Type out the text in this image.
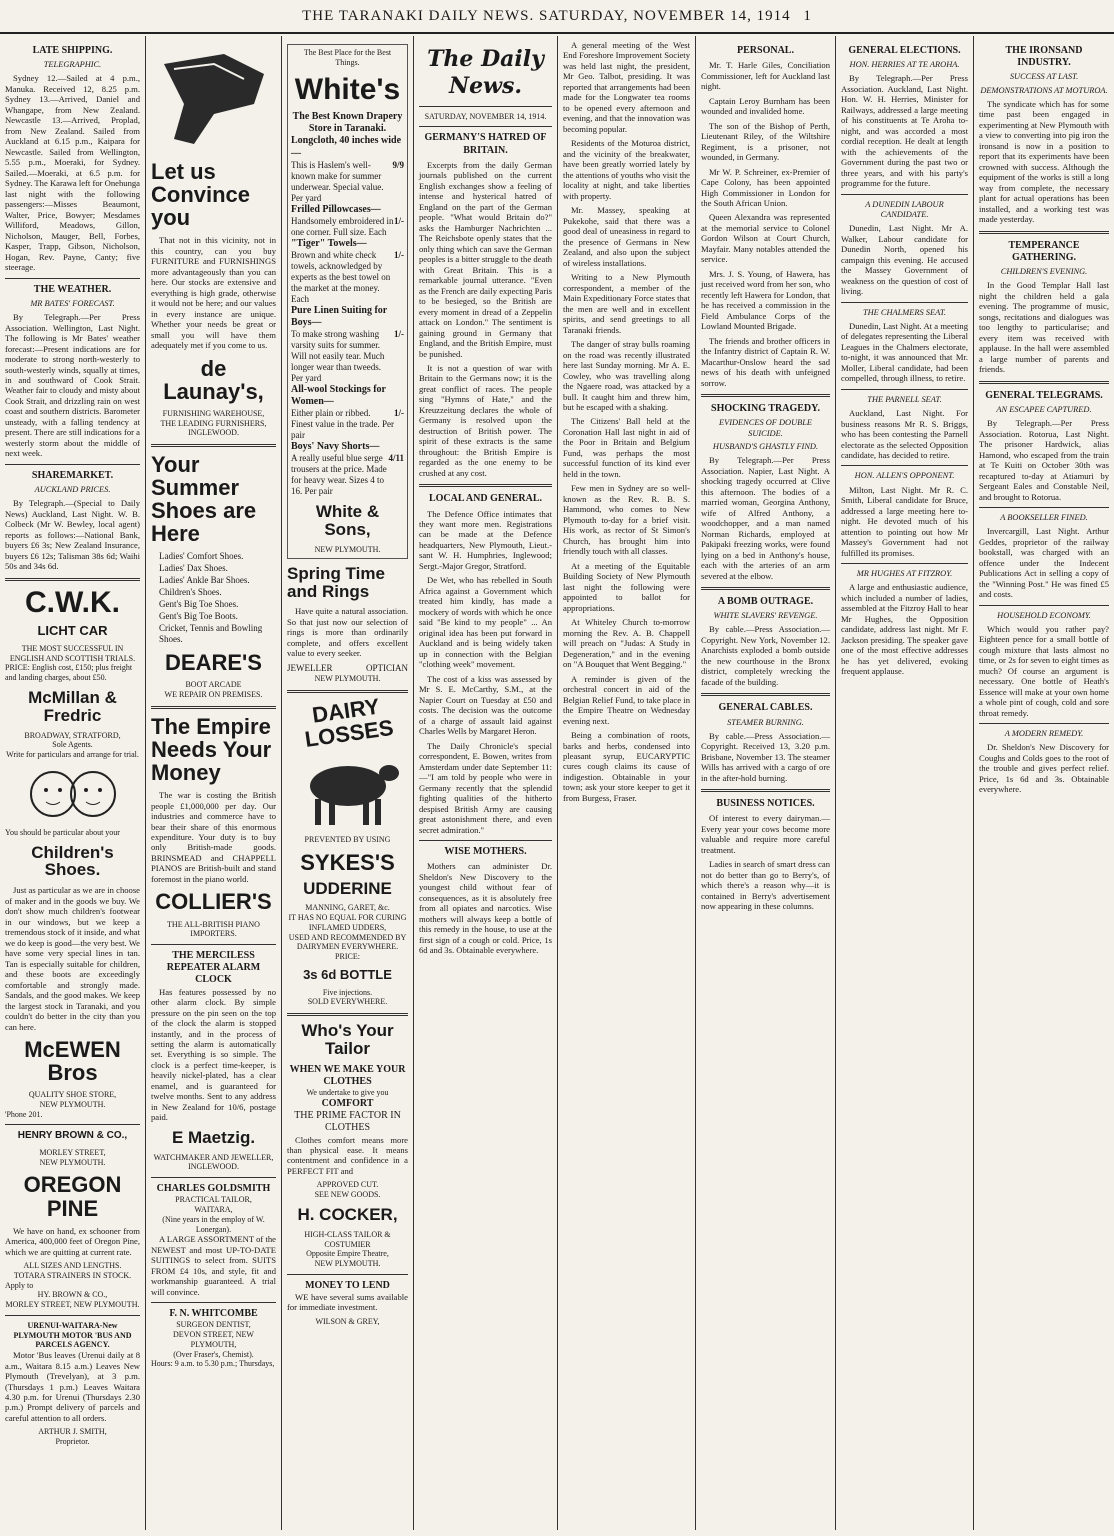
THE TARANAKI DAILY NEWS. SATURDAY, NOVEMBER 14, 1914 1
LATE SHIPPING.
TELEGRAPHIC.

Sydney 12.—Sailed at 4 p.m., Manuka. Received 12, 8.25 p.m. Sydney 13.—Arrived, Daniel and Whangape, from New Zealand. Newcastle 13.—Arrived, Proplad, from New Zealand. Sailed from Auckland at 6.15 p.m., Kaipara for Newcastle. Sailed from Wellington, 5.55 p.m., Moeraki, for Sydney. Sailed.—Moeraki, at 6.5 p.m. for Sydney. The Karawa left for Onehunga last night with the following passengers:—Misses Beaumont, Walter, Price, Bowyer; Mesdames Williford, Meadows, Gillon, Nicholson, Mauger, Bell, Forbes, Kasper, Trapp, Gibson, Nicholson, Hogan, Rev. Payne, Canty; five steerage.

THE WEATHER.
MR BATES' FORECAST.

By Telegraph.—Per Press Association. Wellington, Last Night. The following is Mr Bates' weather forecast:—Present indications are for moderate to strong north-westerly to south-westerly winds, squally at times, in and southward of Cook Strait. Weather fair to cloudy and misty about Cook Strait, and drizzling rain on west coast and southern districts. Barometer unsteady, with a falling tendency at present. There are still indications for a westerly storm about the middle of next week.

SHAREMARKET.
AUCKLAND PRICES.

By Telegraph.—(Special to Daily News) Auckland, Last Night. W. B. Colbeck (Mr W. Bewley, local agent) reports as follows:—National Bank, buyers £6 3s; New Zealand Insurance, buyers £6 12s; Talisman 38s 6d; Waihi 50s and 34s 6d.

C.W.K.
LICHT CAR
THE MOST SUCCESSFUL IN ENGLISH AND SCOTTISH TRIALS.
PRICE: English cost, £150; plus freight and landing charges, about £50.
McMillan & Fredric
BROADWAY, STRATFORD,
Sole Agents.
Write for particulars and arrange for trial.
You should be particular about your
Children's Shoes.

Just as particular as we are in choose of maker and in the goods we buy. We don't show much children's footwear in our windows, but we keep a tremendous stock of it inside, and what we do keep is good—the very best. We have some very special lines in tan. Tan is especially suitable for children, and these boots are exceedingly comfortable and strongly made. Sandals, and the good makes. We keep the largest stock in Taranaki, and you couldn't do better in the city than you can here.

McEWEN Bros
QUALITY SHOE STORE,
NEW PLYMOUTH.
'Phone 201.
HENRY BROWN & CO.,
MORLEY STREET,
NEW PLYMOUTH.
OREGON PINE

We have on hand, ex schooner from America, 400,000 feet of Oregon Pine, which we are quitting at current rate.

ALL SIZES AND LENGTHS.
TOTARA STRAINERS IN STOCK.
Apply to
HY. BROWN & CO.,
MORLEY STREET, NEW PLYMOUTH.
URENUI-WAITARA-New PLYMOUTH MOTOR 'BUS AND PARCELS AGENCY.

Motor 'Bus leaves (Urenui daily at 8 a.m., Waitara 8.15 a.m.) Leaves New Plymouth (Trevelyan), at 3 p.m. (Thursdays 1 p.m.) Leaves Waitara 4.30 p.m. for Urenui (Thursdays 2.30 p.m.) Prompt delivery of parcels and careful attention to all orders.

ARTHUR J. SMITH,
Proprietor.
Let us Convince you

That not in this vicinity, not in this country, can you buy FURNITURE and FURNISHINGS more advantageously than you can here. Our stocks are extensive and everything is high grade, otherwise it would not be here; and our values in every instance are unique. Whether your needs be great or small you will have them adequately met if you come to us.

de Launay's,
FURNISHING WAREHOUSE,
THE LEADING FURNISHERS,
INGLEWOOD.
Your Summer Shoes are Here
Ladies' Comfort Shoes.
Ladies' Dax Shoes.
Ladies' Ankle Bar Shoes.
Children's Shoes.
Gent's Big Toe Shoes.
Gent's Big Toe Boots.
Cricket, Tennis and Bowling Shoes.
DEARE'S
BOOT ARCADE
WE REPAIR ON PREMISES.
The Empire Needs Your Money

The war is costing the British people £1,000,000 per day. Our industries and commerce have to bear their share of this enormous expenditure. Your duty is to buy only British-made goods. BRINSMEAD and CHAPPELL PIANOS are British-built and stand foremost in the piano world.

COLLIER'S
THE ALL-BRITISH PIANO IMPORTERS.
THE MERCILESS REPEATER ALARM CLOCK

Has features possessed by no other alarm clock. By simple pressure on the pin seen on the top of the clock the alarm is stopped instantly, and in the process of setting the alarm is automatically set. Everything is so simple. The clock is a perfect time-keeper, is heavily nickel-plated, has a clear enamel, and is guaranteed for twelve months. Sent to any address in New Zealand for 10/6, postage paid.

E Maetzig.
WATCHMAKER AND JEWELLER, INGLEWOOD.
CHARLES GOLDSMITH
PRACTICAL TAILOR,
WAITARA,
(Nine years in the employ of W. Lonergan).

A LARGE ASSORTMENT of the NEWEST and most UP-TO-DATE SUITINGS to select from. SUITS FROM £4 10s, and style, fit and workmanship guaranteed. A trial will convince.

F. N. WHITCOMBE
SURGEON DENTIST,
DEVON STREET, NEW PLYMOUTH,
(Over Fraser's, Chemist).
Hours: 9 a.m. to 5.30 p.m.; Thursdays,
The Best Place for the Best Things.
White's
The Best Known Drapery Store in Taranaki.
Longcloth, 40 inches wide—
This is Haslem's well-known make for summer underwear. Special value. Per yard
9/9
Frilled Pillowcases—
Handsomely embroidered in one corner. Full size. Each
1/-
"Tiger" Towels—
Brown and white check towels, acknowledged by experts as the best towel on the market at the money. Each
1/-
Pure Linen Suiting for Boys—
To make strong washing varsity suits for summer. Will not easily tear. Much longer wear than tweeds. Per yard
1/-
All-wool Stockings for Women—
Either plain or ribbed. Finest value in the trade. Per pair
1/-
Boys' Navy Shorts—
A really useful blue serge trousers at the price. Made for heavy wear. Sizes 4 to 16. Per pair
4/11
White & Sons,
NEW PLYMOUTH.
Spring Time and Rings

Have quite a natural association. So that just now our selection of rings is more than ordinarily complete, and offers excellent value to every seeker.

JEWELLER	OPTICIAN
NEW PLYMOUTH.
DAIRY LOSSES
PREVENTED BY USING
SYKES'S
UDDERINE
MANNING, GARET, &c.
IT HAS NO EQUAL FOR CURING INFLAMED UDDERS,
USED AND RECOMMENDED BY DAIRYMEN EVERYWHERE.
PRICE:
3s 6d BOTTLE
Five injections.
SOLD EVERYWHERE.
Who's Your Tailor
WHEN WE MAKE YOUR CLOTHES
We undertake to give you
COMFORT
THE PRIME FACTOR IN CLOTHES

Clothes comfort means more than physical ease. It means contentment and confidence in a PERFECT FIT and

APPROVED CUT.
SEE NEW GOODS.
H. COCKER,
HIGH-CLASS TAILOR & COSTUMIER
Opposite Empire Theatre,
NEW PLYMOUTH.
MONEY TO LEND

WE have several sums available for immediate investment.

WILSON & GREY,
The Daily News.
SATURDAY, NOVEMBER 14, 1914.
GERMANY'S HATRED OF BRITAIN.

Excerpts from the daily German journals published on the current English exchanges show a feeling of intense and hysterical hatred of England on the part of the German people. "What would Britain do?" asks the Hamburger Nachrichten ... The Reichsbote openly states that the only thing which can save the German peoples is a bitter struggle to the death with Great Britain. This is a remarkable journal utterance. "Even as the French are daily expecting Paris to be besieged, so the British are every moment in dread of a Zeppelin attack on London." The sentiment is gaining ground in Germany that England, and the British Empire, must be punished.

It is not a question of war with Britain to the Germans now; it is the great conflict of races. The people sing "Hymns of Hate," and the Kreuzzeitung declares the whole of Germany is resolved upon the destruction of British power. The spirit of these extracts is the same throughout: the British Empire is regarded as the one enemy to be crushed at any cost.

LOCAL AND GENERAL.

The Defence Office intimates that they want more men. Registrations can be made at the Defence headquarters, New Plymouth, Lieut.-sant W. H. Humphries, Inglewood; Sergt.-Major Gregor, Stratford.

De Wet, who has rebelled in South Africa against a Government which treated him kindly, has made a mockery of words with which he once said "Be kind to my people" ... An original idea has been put forward in Auckland and is being widely taken up in connection with the Belgian "clothing week" movement.

The cost of a kiss was assessed by Mr S. E. McCarthy, S.M., at the Napier Court on Tuesday at £50 and costs. The decision was the outcome of a charge of assault laid against Charles Wells by Margaret Heron.

The Daily Chronicle's special correspondent, E. Bowen, writes from Amsterdam under date September 11:—"I am told by people who were in Germany recently that the splendid fighting qualities of the hitherto despised British Army are causing great astonishment there, and even secret admiration."

WISE MOTHERS.

Mothers can administer Dr. Sheldon's New Discovery to the youngest child without fear of consequences, as it is absolutely free from all opiates and narcotics. Wise mothers will always keep a bottle of this remedy in the house, to use at the first sign of a cough or cold. Price, 1s 6d and 3s. Obtainable everywhere.

A general meeting of the West End Foreshore Improvement Society was held last night, the president, Mr Geo. Talbot, presiding. It was reported that arrangements had been made for the Longwater tea rooms to be opened every afternoon and evening, and that the innovation was becoming popular.

Residents of the Moturoa district, and the vicinity of the breakwater, have been greatly worried lately by the attentions of youths who visit the locality at night, and take liberties with property.

Mr. Massey, speaking at Pukekohe, said that there was a good deal of uneasiness in regard to the presence of Germans in New Zealand, and also upon the subject of wireless installations.

Writing to a New Plymouth correspondent, a member of the Main Expeditionary Force states that the men are well and in excellent spirits, and send greetings to all Taranaki friends.

The danger of stray bulls roaming on the road was recently illustrated here last Sunday morning. Mr A. E. Cowley, who was travelling along the Ngaere road, was attacked by a bull. It caught him and threw him, but he escaped with a shaking.

The Citizens' Ball held at the Coronation Hall last night in aid of the Poor in Britain and Belgium Fund, was perhaps the most successful function of its kind ever held in the town.

Few men in Sydney are so well-known as the Rev. R. B. S. Hammond, who comes to New Plymouth to-day for a brief visit. His work, as rector of St Simon's Church, has brought him into friendly touch with all classes.

At a meeting of the Equitable Building Society of New Plymouth last night the following were appointed to ballot for appropriations.

At Whiteley Church to-morrow morning the Rev. A. B. Chappell will preach on "Judas: A Study in Degeneration," and in the evening on "A Bouquet that Went Begging."

A reminder is given of the orchestral concert in aid of the Belgian Relief Fund, to take place in the Empire Theatre on Wednesday evening next.

Being a combination of roots, barks and herbs, condensed into pleasant syrup, EUCARYPTIC cures cough claims its cause of indigestion. Obtainable in your town; ask your store keeper to get it from Burgess, Fraser.

PERSONAL.

Mr. T. Harle Giles, Conciliation Commissioner, left for Auckland last night.

Captain Leroy Burnham has been wounded and invalided home.

The son of the Bishop of Perth, Lieutenant Riley, of the Wiltshire Regiment, is a prisoner, not wounded, in Germany.

Mr W. P. Schreiner, ex-Premier of Cape Colony, has been appointed High Commissioner in London for the South African Union.

Queen Alexandra was represented at the memorial service to Colonel Gordon Wilson at Court Church, Mayfair. Many notables attended the service.

Mrs. J. S. Young, of Hawera, has just received word from her son, who recently left Hawera for London, that he has received a commission in the Field Ambulance Corps of the Lowland Mounted Brigade.

The friends and brother officers in the Infantry district of Captain R. W. Macarthur-Onslow heard the sad news of his death with unfeigned sorrow.

SHOCKING TRAGEDY.
EVIDENCES OF DOUBLE SUICIDE.
HUSBAND'S GHASTLY FIND.

By Telegraph.—Per Press Association. Napier, Last Night. A shocking tragedy occurred at Clive this afternoon. The bodies of a married woman, Georgina Anthony, wife of Alfred Anthony, a woodchopper, and a man named Norman Richards, employed at Pakipaki freezing works, were found lying on a bed in Anthony's house, each with the arteries of an arm severed at the elbow.

A BOMB OUTRAGE.
WHITE SLAVERS' REVENGE.

By cable.—Press Association.—Copyright. New York, November 12. Anarchists exploded a bomb outside the new courthouse in the Bronx district, completely wrecking the facade of the building.

GENERAL CABLES.
STEAMER BURNING.

By cable.—Press Association.—Copyright. Received 13, 3.20 p.m. Brisbane, November 13. The steamer Wills has arrived with a cargo of ore in the after-hold burning.

BUSINESS NOTICES.

Of interest to every dairyman.—Every year your cows become more valuable and require more careful treatment.

Ladies in search of smart dress can not do better than go to Berry's, of which there's a reason why—it is contained in Berry's advertisement now appearing in these columns.

GENERAL ELECTIONS.
HON. HERRIES AT TE AROHA.

By Telegraph.—Per Press Association. Auckland, Last Night. Hon. W. H. Herries, Minister for Railways, addressed a large meeting of his constituents at Te Aroha to-night, and was accorded a most cordial reception. He dealt at length with the achievements of the Government during the past two or three years, and with his party's programme for the future.

A DUNEDIN LABOUR CANDIDATE.

Dunedin, Last Night. Mr A. Walker, Labour candidate for Dunedin North, opened his campaign this evening. He accused the Massey Government of weakness on the question of cost of living.

THE CHALMERS SEAT.

Dunedin, Last Night. At a meeting of delegates representing the Liberal Leagues in the Chalmers electorate, to-night, it was announced that Mr. Moller, Liberal candidate, had been compelled, through illness, to retire.

THE PARNELL SEAT.

Auckland, Last Night. For business reasons Mr R. S. Briggs, who has been contesting the Parnell electorate as the selected Opposition candidate, has decided to retire.

HON. ALLEN'S OPPONENT.

Milton, Last Night. Mr R. C. Smith, Liberal candidate for Bruce, addressed a large meeting here to-night. He devoted much of his attention to pointing out how Mr Massey's Government had not fulfilled its promises.

MR HUGHES AT FITZROY.

A large and enthusiastic audience, which included a number of ladies, assembled at the Fitzroy Hall to hear Mr Hughes, the Opposition candidate, address last night. Mr F. Jackson presiding. The speaker gave one of the most effective addresses he has yet delivered, evoking frequent applause.

THE IRONSAND INDUSTRY.
SUCCESS AT LAST.
DEMONSTRATIONS AT MOTUROA.

The syndicate which has for some time past been engaged in experimenting at New Plymouth with a view to converting into pig iron the ironsand is now in a position to report that its experiments have been crowned with success. Although the equipment of the works is still a long way from complete, the necessary plant for actual operations has been installed, and a working test was made yesterday.

TEMPERANCE GATHERING.
CHILDREN'S EVENING.

In the Good Templar Hall last night the children held a gala evening. The programme of music, songs, recitations and dialogues was too lengthy to particularise; and every item was received with applause. In the hall were assembled a large number of parents and friends.

GENERAL TELEGRAMS.
AN ESCAPEE CAPTURED.

By Telegraph.—Per Press Association. Rotorua, Last Night. The prisoner Hardwick, alias Hamond, who escaped from the train at Te Kuiti on October 30th was recaptured to-day at Atiamuri by Sergeant Eales and Constable Neil, and brought to Rotorua.

A BOOKSELLER FINED.

Invercargill, Last Night. Arthur Geddes, proprietor of the railway bookstall, was charged with an offence under the Indecent Publications Act in selling a copy of the "Winning Post." He was fined £5 and costs.

HOUSEHOLD ECONOMY.

Which would you rather pay? Eighteen pence for a small bottle of cough mixture that lasts almost no time, or 2s for seven to eight times as much? Of course an argument is necessary. One bottle of Heath's Essence will make at your own home a whole pint of cough, cold and sore throat remedy.

A MODERN REMEDY.

Dr. Sheldon's New Discovery for Coughs and Colds goes to the root of the trouble and gives perfect relief. Price, 1s 6d and 3s. Obtainable everywhere.
